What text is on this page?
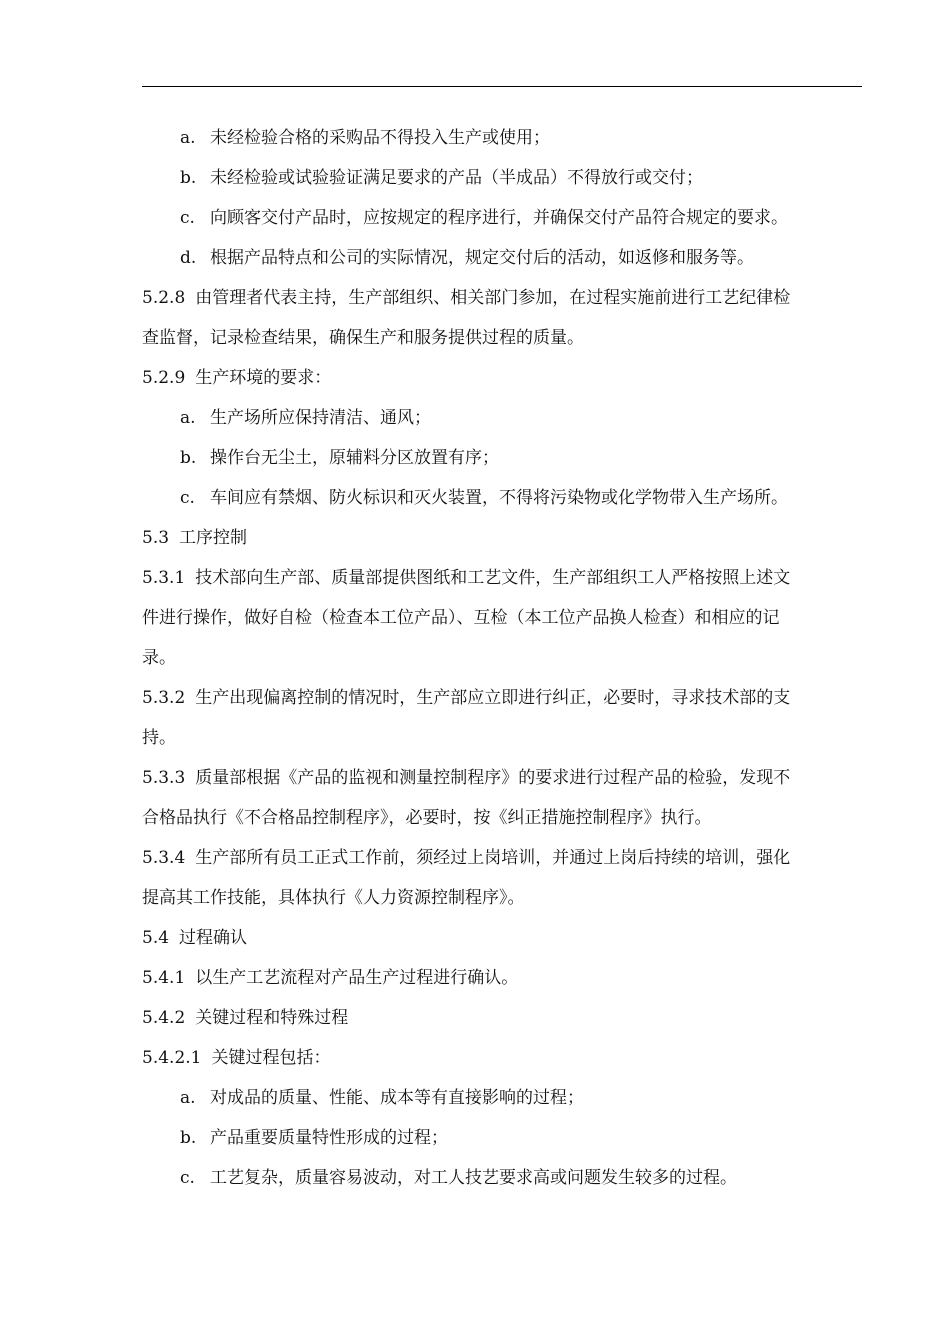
a. 未经检验合格的采购品不得投入生产或使用；
b. 未经检验或试验验证满足要求的产品（半成品）不得放行或交付；
c. 向顾客交付产品时，应按规定的程序进行，并确保交付产品符合规定的要求。
d. 根据产品特点和公司的实际情况，规定交付后的活动，如返修和服务等。
5.2.8 由管理者代表主持，生产部组织、相关部门参加，在过程实施前进行工艺纪律检
查监督，记录检查结果，确保生产和服务提供过程的质量。
5.2.9 生产环境的要求：
a. 生产场所应保持清洁、通风；
b. 操作台无尘土，原辅料分区放置有序；
c. 车间应有禁烟、防火标识和灭火装置，不得将污染物或化学物带入生产场所。
5.3 工序控制
5.3.1 技术部向生产部、质量部提供图纸和工艺文件，生产部组织工人严格按照上述文
件进行操作，做好自检（检查本工位产品）、互检（本工位产品换人检查）和相应的记
录。
5.3.2 生产出现偏离控制的情况时，生产部应立即进行纠正，必要时，寻求技术部的支
持。
5.3.3 质量部根据《产品的监视和测量控制程序》的要求进行过程产品的检验，发现不
合格品执行《不合格品控制程序》，必要时，按《纠正措施控制程序》执行。
5.3.4 生产部所有员工正式工作前，须经过上岗培训，并通过上岗后持续的培训，强化
提高其工作技能，具体执行《人力资源控制程序》。
5.4 过程确认
5.4.1 以生产工艺流程对产品生产过程进行确认。
5.4.2 关键过程和特殊过程
5.4.2.1 关键过程包括：
a. 对成品的质量、性能、成本等有直接影响的过程；
b. 产品重要质量特性形成的过程；
c. 工艺复杂，质量容易波动，对工人技艺要求高或问题发生较多的过程。
